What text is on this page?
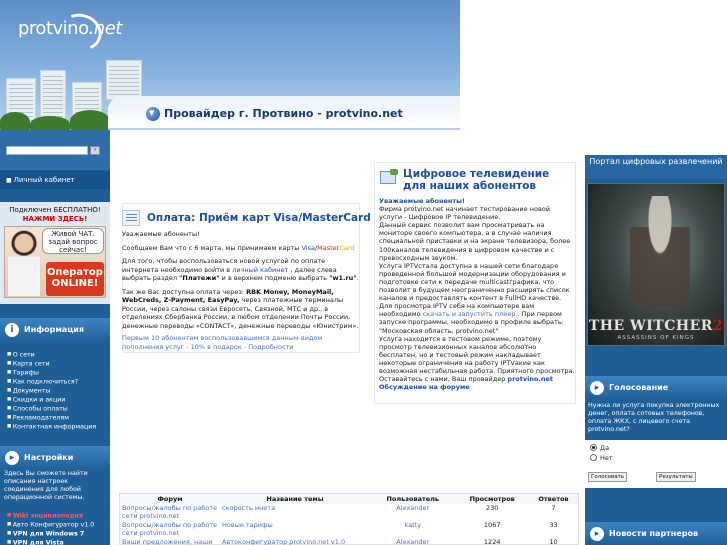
protvino.net
▼
Провайдер г. Протвино - protvino.net
»
■ Личный кабинет
Подключен БЕСПЛАТНО!
НАЖМИ ЗДЕСЬ!
Живой ЧАТ.
задай вопрос
сейчас!
Оператор
ONLINE!
i	Информация
■ О сети
■ Карта сети
■ Тарифы
■ Как подключиться?
■ Документы
■ Скидки и акции
■ Способы оплаты
■ Рекламодателям
■ Контактная информация
▸	Настройки
Здесь Вы сможете найти описания настроек соединения для любой операционной системы.
■ Wiki энциклопедия
■ Авто Конфигуратор v1.0
■ VPN для Windows 7
■ VPN для Vista
Оплата: Приём карт Visa/MasterCard

Уважаемые абоненты!

Сообщаем Вам что с 6 марта, мы принимаем карты Visa/MasterCard

Для того, чтобы воспользоваться новой услугой по оплате интернета необходимо войти в личный кабинет , далее слева выбрать раздел "Платежи" и в верхнем подменю выбрать "w1.ru".

Так же Вас доступна оплата через: RBK Money, MoneyMail, WebCreds, Z-Payment, EasyPay, через платежные терминалы России, через салоны связи Евросеть, Связной, МТС и др., в отделениях Сбербанка России, в любом отделении Почты России, денежные переводы «CONTACT», денежные переводы «Юнистрим».

Первым 10 абонентам воспользовавшимся данным видом пополнения услуг - 10% в подарок - Подробности
Цифровое телевидение для наших абонентов
Уважаемые абоненты!
Фирма protvino.net начинает тестирование новой услуги - Цифровое IP телевидение.
Данный сервис позволит вам просматривать на мониторе своего компьютера, а в случае наличия специальной приставки и на экране телевизора, более 100каналов телевидения в цифровом качестве и с превосходным звуком.
Услуга IPTVстала доступна в нашей сети благодаря проведенной большой модернизации оборудования и подготовке сети к передаче multicastграфика, что позволит в будущем неограниченно расширять список каналов и предоставлять контент в FullHD качестве.
Для просмотра IPTV себя на компьютере вам необходимо скачать и запустить плеер . При первом запуске программы, необходимо в профиле выбрать: "Московская область, protvino.net"
Услуга находится в тестовом режиме, поэтому просмотр телевизионных каналов абсолютно бесплатен, но и тестовый режим накладывает некоторые ограничения на работу IPTVакие как возможная нестабильная работа. Приятного просмотра.
Оставайтесь с нами, Ваш провайдер protvino.net
Обсуждение на форуме
Форум	Название темы	Пользователь	Просмотров	Ответов
Вопросы/жалобы по работе сети protvino.net	скорость инета	Alexander	230	7
Вопросы/жалобы по работе сети protvino.net	Новые тарифы	katty	1067	33
Ваши предложения, наши	Автоконфигуратор protvino.net v1.0	Alexander	1224	10
Портал цифровых развлечений
THE WITCHER2
ASSASSINS OF KINGS
▸	Голосование
Нужна ли услуга покупка электронных денег, оплата сотовых телефонов, оплата ЖКХ, с лицевого счета protvino.net?
Да
Нет
Голосовать	Результаты
▸	Новости партнеров
